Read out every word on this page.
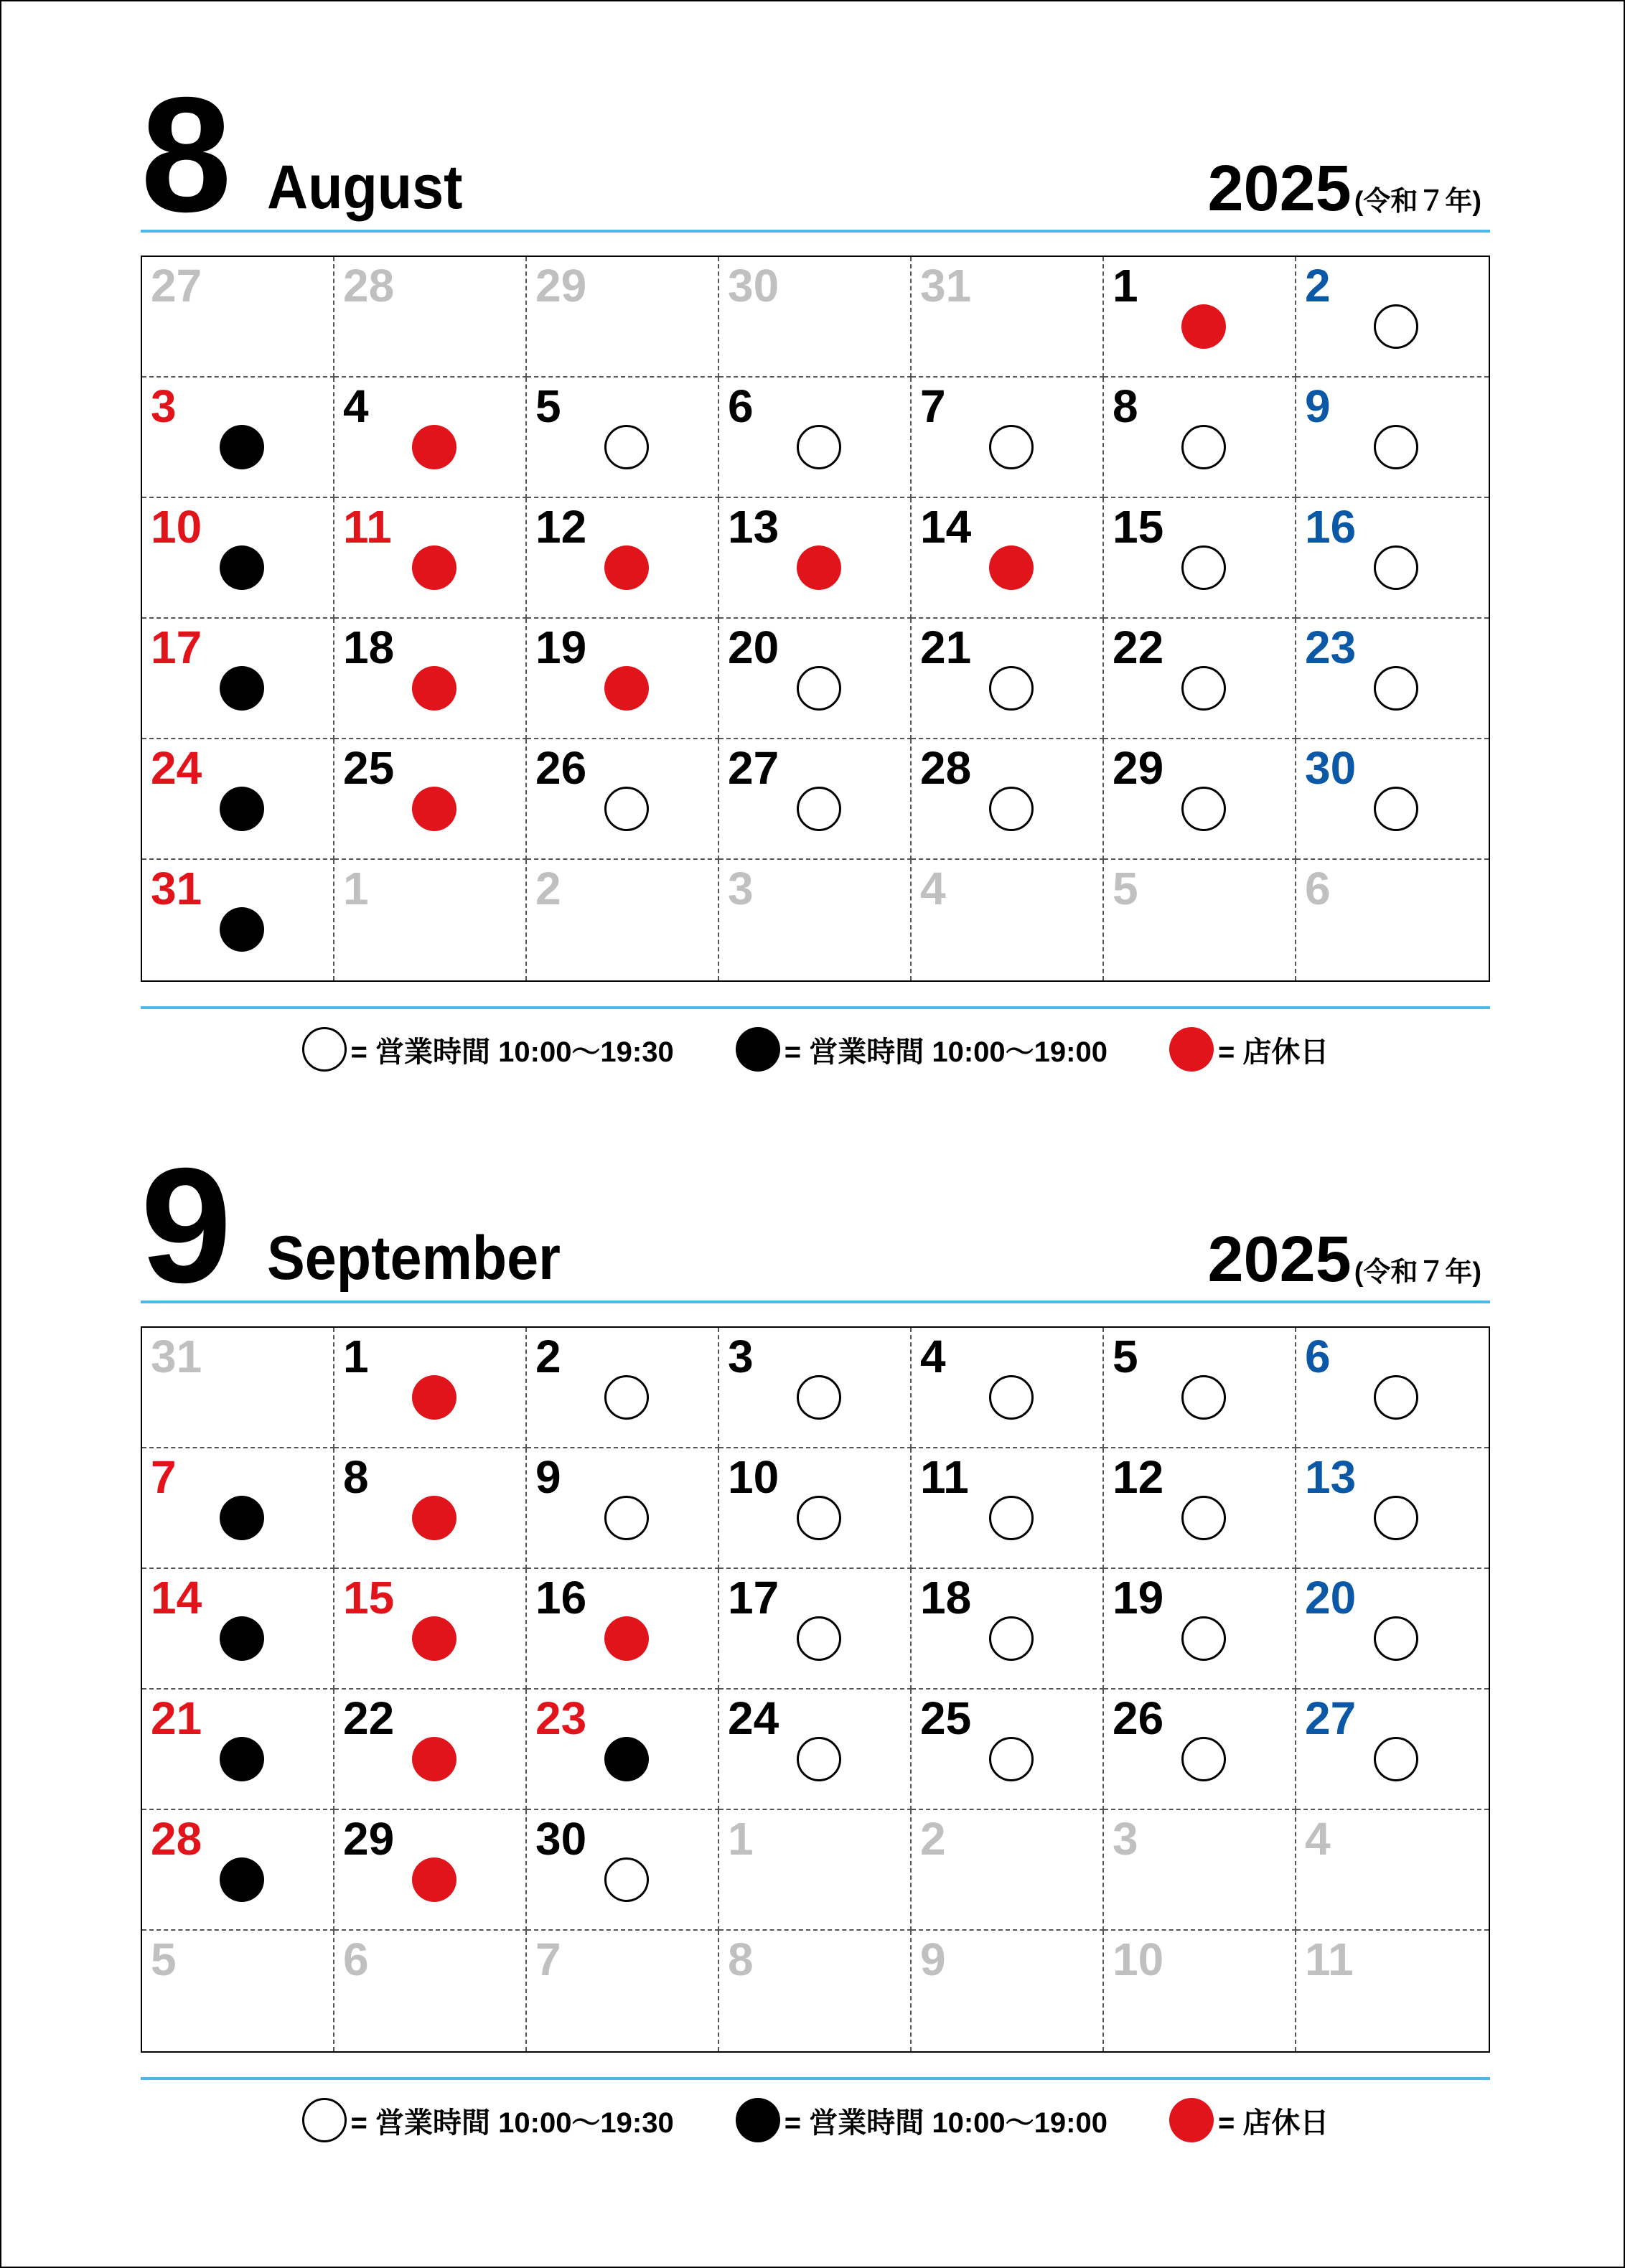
8 August	2025 (令和７年)
27	28	29	30	31	1	2
3	4	5	6	7	8	9
10	11	12	13	14	15	16
17	18	19	20	21	22	23
24	25	26	27	28	29	30
31	1	2	3	4	5	6
= 営業時間 10:00～19:30	= 営業時間 10:00～19:00	= 店休日
9 September	2025 (令和７年)
31	1	2	3	4	5	6
7	8	9	10	11	12	13
14	15	16	17	18	19	20
21	22	23	24	25	26	27
28	29	30	1	2	3	4
5	6	7	8	9	10	11
= 営業時間 10:00～19:30	= 営業時間 10:00～19:00	= 店休日
